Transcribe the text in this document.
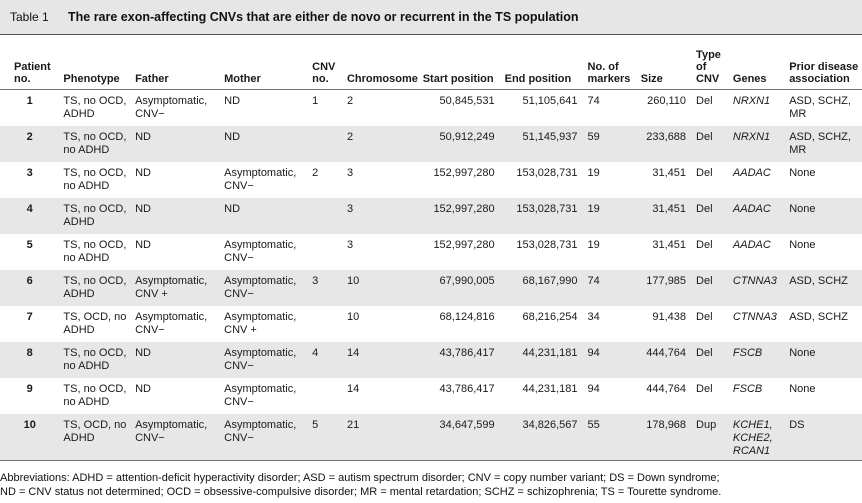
Table 1	The rare exon-affecting CNVs that are either de novo or recurrent in the TS population
Patient no.	Phenotype	Father	Mother	CNV no.	Chromosome	Start position	End position	No. of markers	Size	Type of CNV	Genes	Prior disease association
1	TS, no OCD, ADHD	Asymptomatic, CNV−	ND	1	2	50,845,531	51,105,641	74	260,110	Del	NRXN1	ASD, SCHZ, MR
2	TS, no OCD, no ADHD	ND	ND		2	50,912,249	51,145,937	59	233,688	Del	NRXN1	ASD, SCHZ, MR
3	TS, no OCD, no ADHD	ND	Asymptomatic, CNV−	2	3	152,997,280	153,028,731	19	31,451	Del	AADAC	None
4	TS, no OCD, ADHD	ND	ND		3	152,997,280	153,028,731	19	31,451	Del	AADAC	None
5	TS, no OCD, no ADHD	ND	Asymptomatic, CNV−		3	152,997,280	153,028,731	19	31,451	Del	AADAC	None
6	TS, no OCD, ADHD	Asymptomatic, CNV +	Asymptomatic, CNV−	3	10	67,990,005	68,167,990	74	177,985	Del	CTNNA3	ASD, SCHZ
7	TS, OCD, no ADHD	Asymptomatic, CNV−	Asymptomatic, CNV +		10	68,124,816	68,216,254	34	91,438	Del	CTNNA3	ASD, SCHZ
8	TS, no OCD, no ADHD	ND	Asymptomatic, CNV−	4	14	43,786,417	44,231,181	94	444,764	Del	FSCB	None
9	TS, no OCD, no ADHD	ND	Asymptomatic, CNV−		14	43,786,417	44,231,181	94	444,764	Del	FSCB	None
10	TS, OCD, no ADHD	Asymptomatic, CNV−	Asymptomatic, CNV−	5	21	34,647,599	34,826,567	55	178,968	Dup	KCHE1, KCHE2, RCAN1	DS
Abbreviations: ADHD = attention-deficit hyperactivity disorder; ASD = autism spectrum disorder; CNV = copy number variant; DS = Down syndrome;
ND = CNV status not determined; OCD = obsessive-compulsive disorder; MR = mental retardation; SCHZ = schizophrenia; TS = Tourette syndrome.
